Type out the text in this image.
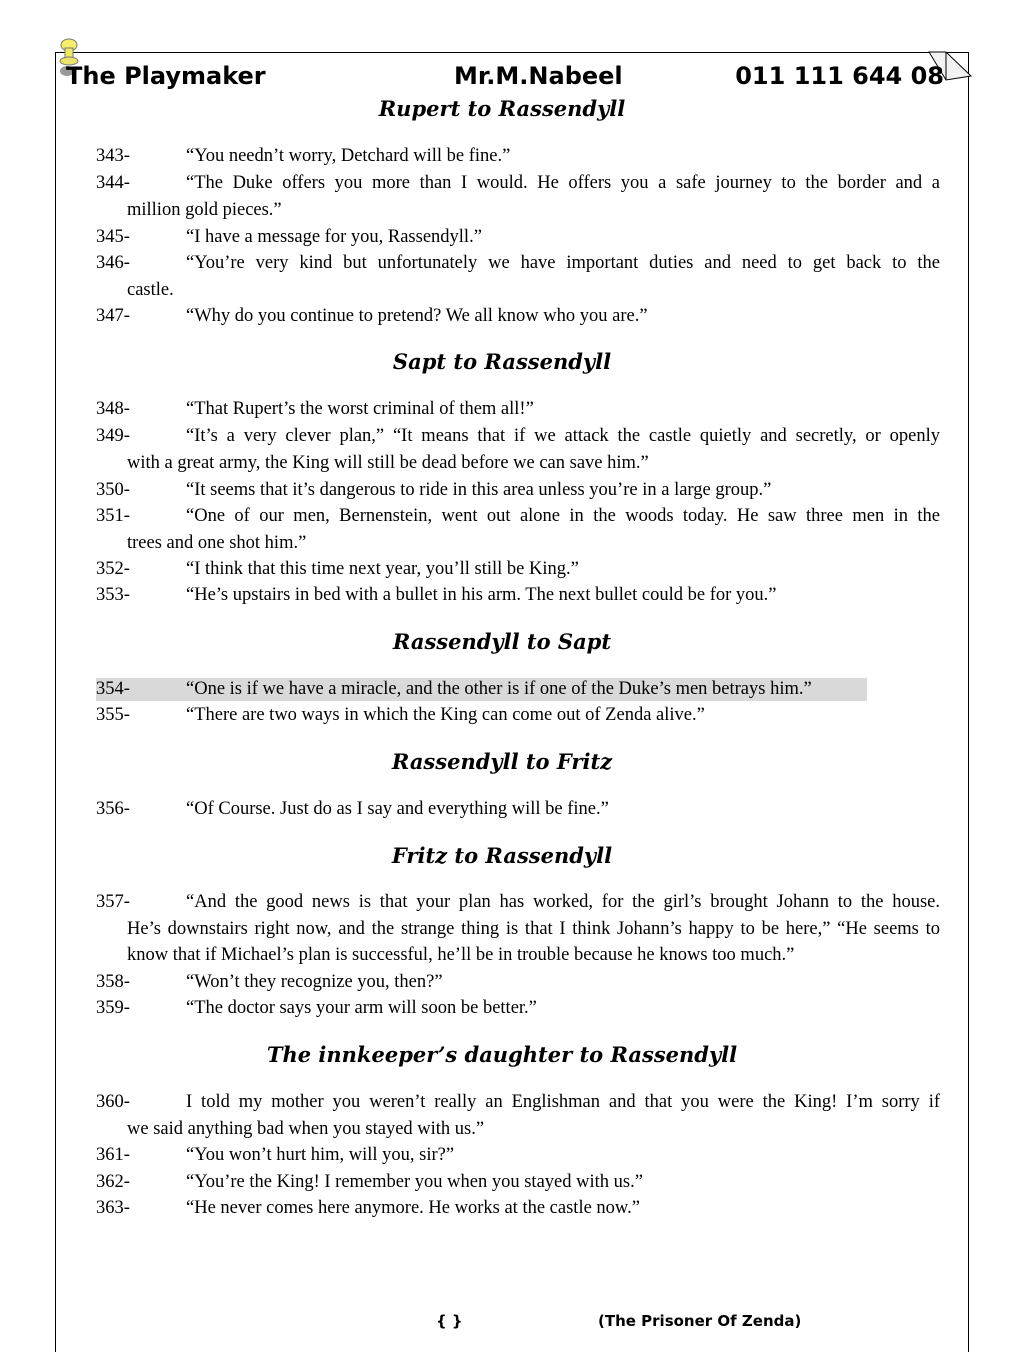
The Playmaker	Mr.M.Nabeel	011 111 644 08
Rupert to Rassendyll
343-	“You needn’t worry, Detchard will be fine.”
344-	“The Duke offers you more than I would. He offers you a safe journey to the border and a
million gold pieces.”
345-	“I have a message for you, Rassendyll.”
346-	“You’re very kind but unfortunately we have important duties and need to get back to the
castle.
347-	“Why do you continue to pretend? We all know who you are.”
Sapt to Rassendyll
348-	“That Rupert’s the worst criminal of them all!”
349-	“It’s a very clever plan,” “It means that if we attack the castle quietly and secretly, or openly
with a great army, the King will still be dead before we can save him.”
350-	“It seems that it’s dangerous to ride in this area unless you’re in a large group.”
351-	“One of our men, Bernenstein, went out alone in the woods today. He saw three men in the
trees and one shot him.”
352-	“I think that this time next year, you’ll still be King.”
353-	“He’s upstairs in bed with a bullet in his arm. The next bullet could be for you.”
Rassendyll to Sapt
354-	“One is if we have a miracle, and the other is if one of the Duke’s men betrays him.”
355-	“There are two ways in which the King can come out of Zenda alive.”
Rassendyll to Fritz
356-	“Of Course. Just do as I say and everything will be fine.”
Fritz to Rassendyll
357-	“And the good news is that your plan has worked, for the girl’s brought Johann to the house.
He’s downstairs right now, and the strange thing is that I think Johann’s happy to be here,” “He seems to know that if Michael’s plan is successful, he’ll be in trouble because he knows too much.”
358-	“Won’t they recognize you, then?”
359-	“The doctor says your arm will soon be better.”
The innkeeper’s daughter to Rassendyll
360-	I told my mother you weren’t really an Englishman and that you were the King! I’m sorry if
we said anything bad when you stayed with us.”
361-	“You won’t hurt him, will you, sir?”
362-	“You’re the King! I remember you when you stayed with us.”
363-	“He never comes here anymore. He works at the castle now.”
{ }	(The Prisoner Of Zenda)
